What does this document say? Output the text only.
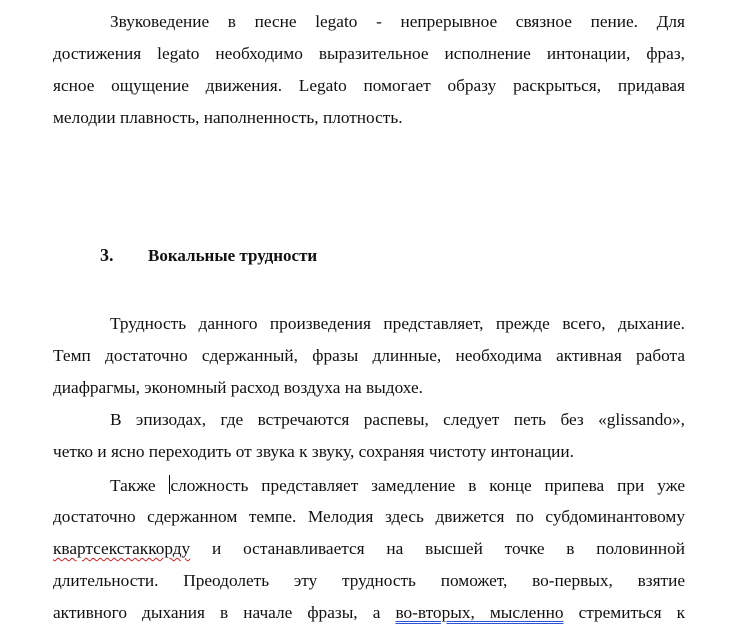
Звуковедение в песне legato - непрерывное связное пение. Для
достижения legato необходимо выразительное исполнение интонации, фраз,
ясное ощущение движения. Legato помогает образу раскрыться, придавая
мелодии плавность, наполненность, плотность.
3. Вокальные трудности
Трудность данного произведения представляет, прежде всего, дыхание.
Темп достаточно сдержанный, фразы длинные, необходима активная работа
диафрагмы, экономный расход воздуха на выдохе.
В эпизодах, где встречаются распевы, следует петь без «glissando»,
четко и ясно переходить от звука к звуку, сохраняя чистоту интонации.
Также сложность представляет замедление в конце припева при уже
достаточно сдержанном темпе. Мелодия здесь движется по субдоминантовому
квартсекстаккорду и останавливается на высшей точке в половинной
длительности. Преодолеть эту трудность поможет, во-первых, взятие
активного дыхания в начале фразы, а во-вторых, мысленно стремиться к
